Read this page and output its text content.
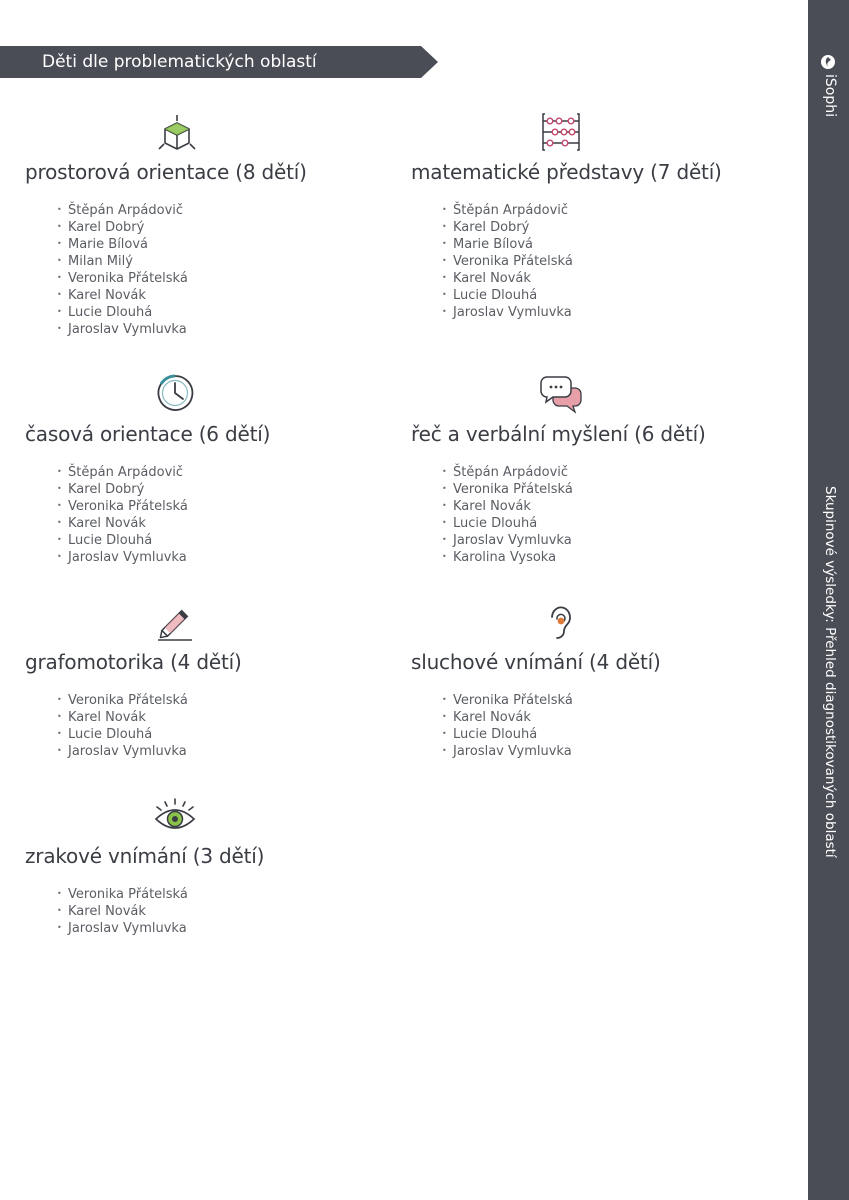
Děti dle problematických oblastí
iSophi
Skupinové výsledky: Přehled diagnostikovaných oblastí
prostorová orientace (8 dětí)
• Štěpán Arpádovič
• Karel Dobrý
• Marie Bílová
• Milan Milý
• Veronika Přátelská
• Karel Novák
• Lucie Dlouhá
• Jaroslav Vymluvka
matematické představy (7 dětí)
• Štěpán Arpádovič
• Karel Dobrý
• Marie Bílová
• Veronika Přátelská
• Karel Novák
• Lucie Dlouhá
• Jaroslav Vymluvka
časová orientace (6 dětí)
• Štěpán Arpádovič
• Karel Dobrý
• Veronika Přátelská
• Karel Novák
• Lucie Dlouhá
• Jaroslav Vymluvka
řeč a verbální myšlení (6 dětí)
• Štěpán Arpádovič
• Veronika Přátelská
• Karel Novák
• Lucie Dlouhá
• Jaroslav Vymluvka
• Karolina Vysoka
grafomotorika (4 dětí)
• Veronika Přátelská
• Karel Novák
• Lucie Dlouhá
• Jaroslav Vymluvka
sluchové vnímání (4 dětí)
• Veronika Přátelská
• Karel Novák
• Lucie Dlouhá
• Jaroslav Vymluvka
zrakové vnímání (3 dětí)
• Veronika Přátelská
• Karel Novák
• Jaroslav Vymluvka
